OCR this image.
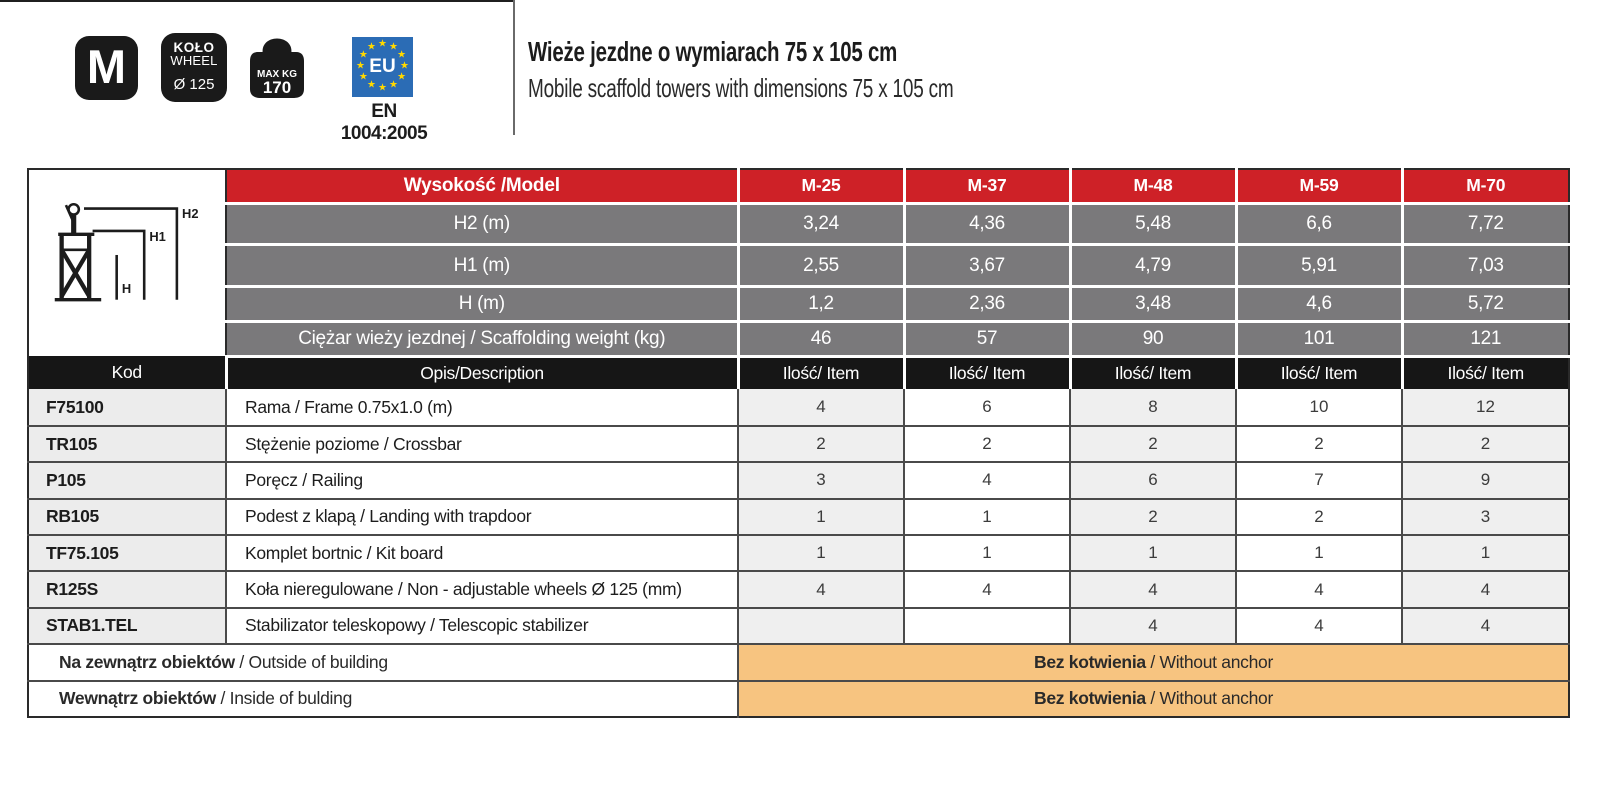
M	KOŁO
WHEEL
Ø 125
MAX KG
170
★ ★
★
★
★
★
★
★
★
★
★
★
EU
EN 1004:2005
Wieże jezdne o wymiarach 75 x 105 cm
Mobile scaffold towers with dimensions 75 x 105 cm
H2
H1
H	Wysokość /Model	M-25	M-37	M-48	M-59	M-70
	H2 (m)	3,24	4,36	5,48	6,6	7,72
	H1 (m)	2,55	3,67	4,79	5,91	7,03
	H (m)	1,2	2,36	3,48	4,6	5,72
	Ciężar wieży jezdnej / Scaffolding weight (kg)	46	57	90	101	121
Kod	Opis/Description	Ilość/ Item	Ilość/ Item	Ilość/ Item	Ilość/ Item	Ilość/ Item
F75100	Rama / Frame 0.75x1.0 (m)	4	6	8	10	12
TR105	Stężenie poziome / Crossbar	2	2	2	2	2
P105	Poręcz / Railing	3	4	6	7	9
RB105	Podest z klapą / Landing with trapdoor	1	1	2	2	3
TF75.105	Komplet bortnic / Kit board	1	1	1	1	1
R125S	Koła nieregulowane / Non - adjustable wheels Ø 125 (mm)	4	4	4	4	4
STAB1.TEL	Stabilizator teleskopowy / Telescopic stabilizer			4	4	4
Na zewnątrz obiektów / Outside of building		Bez kotwienia / Without anchor				
Wewnątrz obiektów / Inside of bulding		Bez kotwienia / Without anchor				
